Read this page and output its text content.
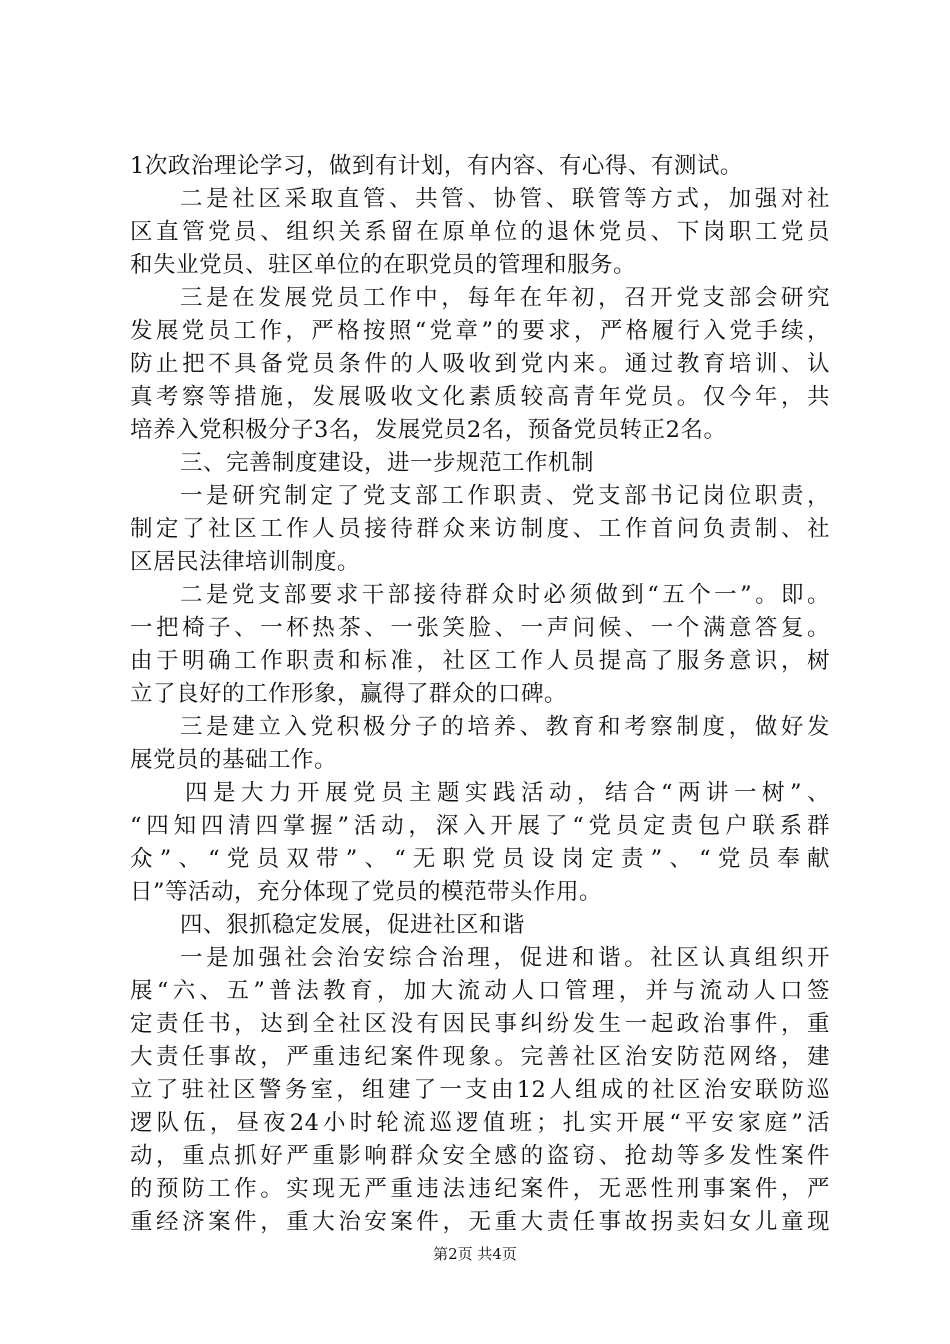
1次政治理论学习，做到有计划，有内容、有心得、有测试。
二是社区采取直管、共管、协管、联管等方式，加强对社
区直管党员、组织关系留在原单位的退休党员、下岗职工党员
和失业党员、驻区单位的在职党员的管理和服务。
三是在发展党员工作中，每年在年初，召开党支部会研究
发展党员工作，严格按照“党章”的要求，严格履行入党手续，
防止把不具备党员条件的人吸收到党内来。通过教育培训、认
真考察等措施，发展吸收文化素质较高青年党员。仅今年，共
培养入党积极分子3名，发展党员2名，预备党员转正2名。
三、完善制度建设，进一步规范工作机制
一是研究制定了党支部工作职责、党支部书记岗位职责，
制定了社区工作人员接待群众来访制度、工作首问负责制、社
区居民法律培训制度。
二是党支部要求干部接待群众时必须做到“五个一”。即。
一把椅子、一杯热茶、一张笑脸、一声问候、一个满意答复。
由于明确工作职责和标准，社区工作人员提高了服务意识，树
立了良好的工作形象，赢得了群众的口碑。
三是建立入党积极分子的培养、教育和考察制度，做好发
展党员的基础工作。
四是大力开展党员主题实践活动，结合“两讲一树”、
“四知四清四掌握”活动，深入开展了“党员定责包户联系群
众”、“党员双带”、“无职党员设岗定责”、“党员奉献
日”等活动，充分体现了党员的模范带头作用。
四、狠抓稳定发展，促进社区和谐
一是加强社会治安综合治理，促进和谐。社区认真组织开
展“六、五”普法教育，加大流动人口管理，并与流动人口签
定责任书，达到全社区没有因民事纠纷发生一起政治事件，重
大责任事故，严重违纪案件现象。完善社区治安防范网络，建
立了驻社区警务室，组建了一支由12人组成的社区治安联防巡
逻队伍，昼夜24小时轮流巡逻值班；扎实开展“平安家庭”活
动，重点抓好严重影响群众安全感的盗窃、抢劫等多发性案件
的预防工作。实现无严重违法违纪案件，无恶性刑事案件，严
重经济案件，重大治安案件，无重大责任事故拐卖妇女儿童现
第2页 共4页
